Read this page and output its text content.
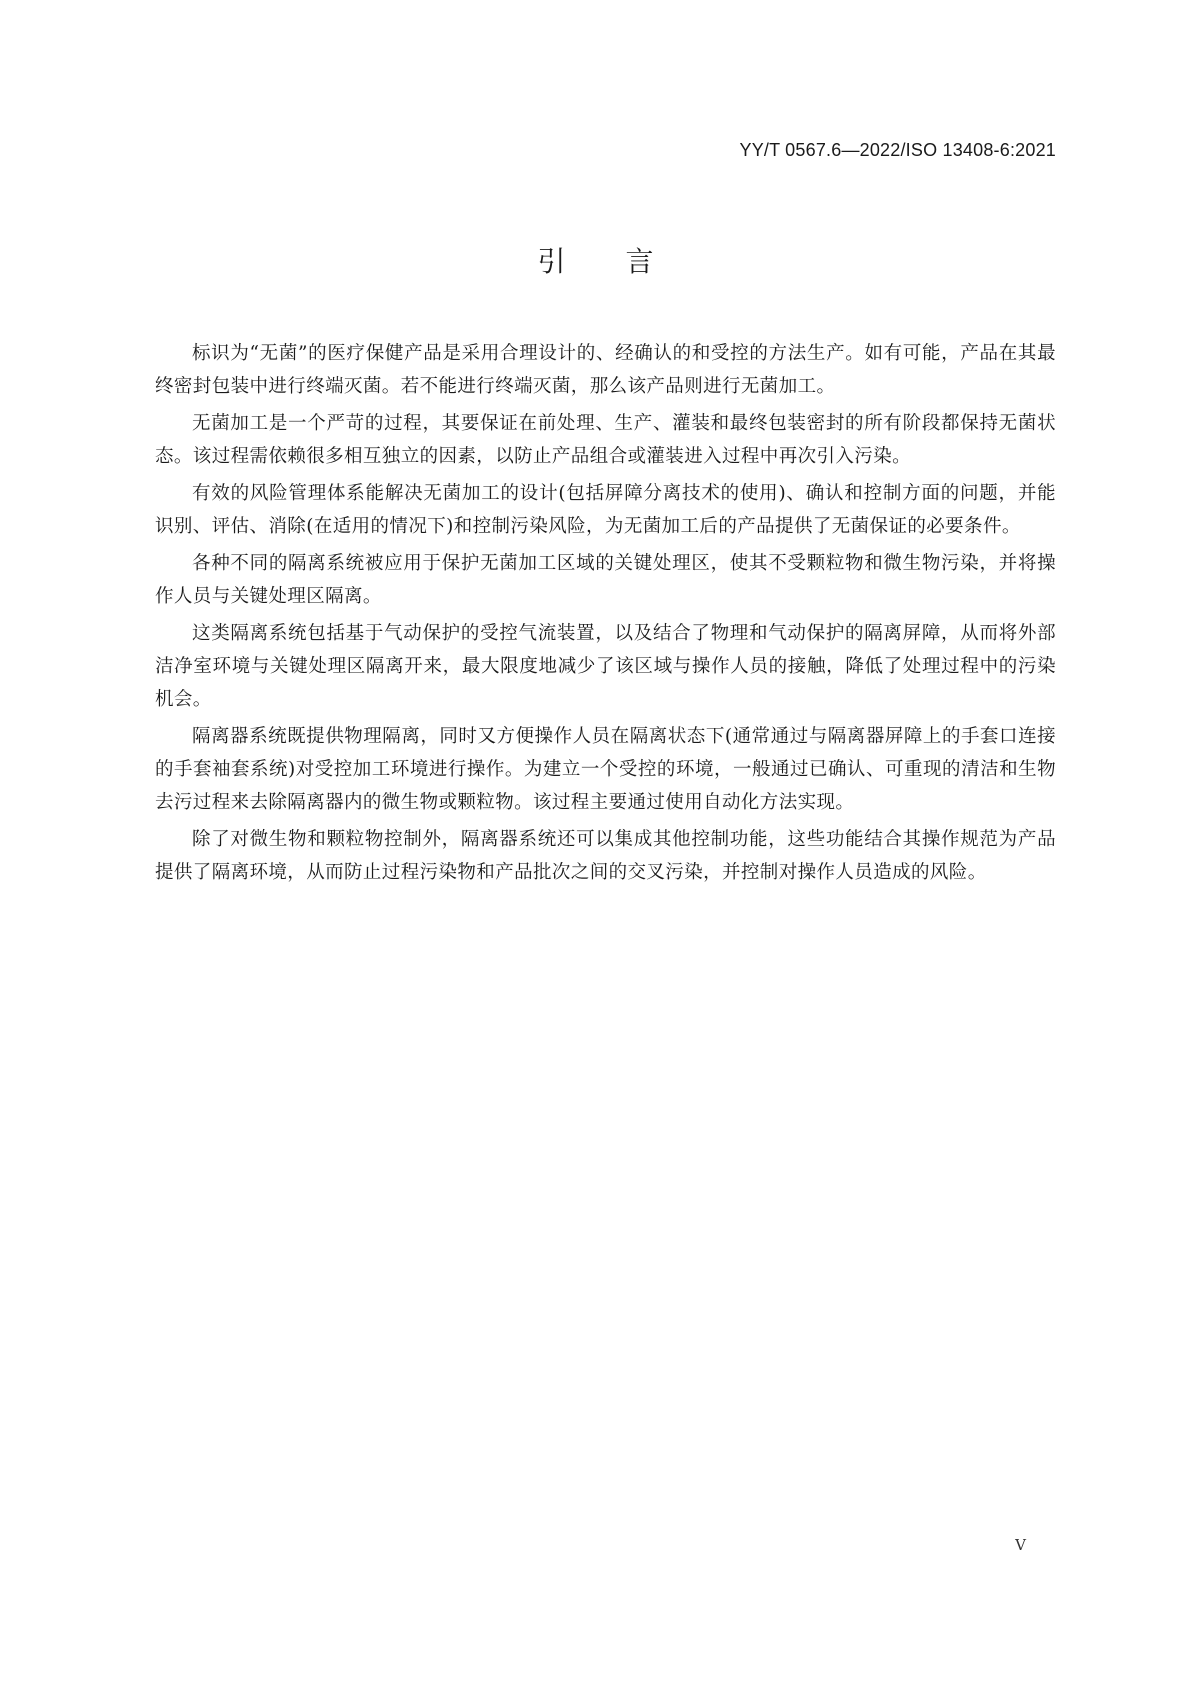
YY/T 0567.6—2022/ISO 13408-6:2021
引言

标识为“无菌”的医疗保健产品是采用合理设计的、经确认的和受控的方法生产。如有可能，产品在其最终密封包装中进行终端灭菌。若不能进行终端灭菌，那么该产品则进行无菌加工。

无菌加工是一个严苛的过程，其要保证在前处理、生产、灌装和最终包装密封的所有阶段都保持无菌状态。该过程需依赖很多相互独立的因素，以防止产品组合或灌装进入过程中再次引入污染。

有效的风险管理体系能解决无菌加工的设计(包括屏障分离技术的使用)、确认和控制方面的问题，并能识别、评估、消除(在适用的情况下)和控制污染风险，为无菌加工后的产品提供了无菌保证的必要条件。

各种不同的隔离系统被应用于保护无菌加工区域的关键处理区，使其不受颗粒物和微生物污染，并将操作人员与关键处理区隔离。

这类隔离系统包括基于气动保护的受控气流装置，以及结合了物理和气动保护的隔离屏障，从而将外部洁净室环境与关键处理区隔离开来，最大限度地减少了该区域与操作人员的接触，降低了处理过程中的污染机会。

隔离器系统既提供物理隔离，同时又方便操作人员在隔离状态下(通常通过与隔离器屏障上的手套口连接的手套袖套系统)对受控加工环境进行操作。为建立一个受控的环境，一般通过已确认、可重现的清洁和生物去污过程来去除隔离器内的微生物或颗粒物。该过程主要通过使用自动化方法实现。

除了对微生物和颗粒物控制外，隔离器系统还可以集成其他控制功能，这些功能结合其操作规范为产品提供了隔离环境，从而防止过程污染物和产品批次之间的交叉污染，并控制对操作人员造成的风险。

V
